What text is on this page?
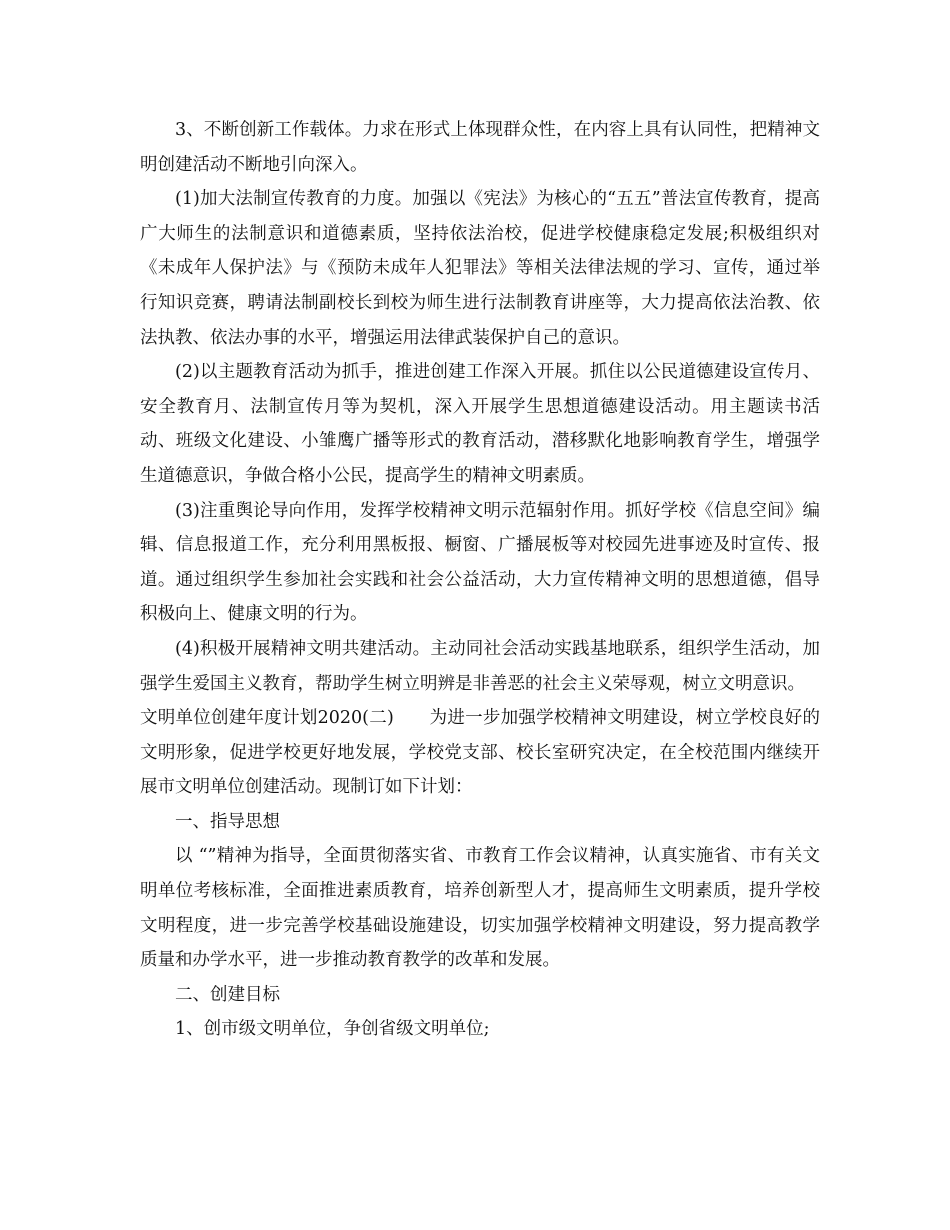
3、不断创新工作载体。力求在形式上体现群众性，在内容上具有认同性，把精神文明创建活动不断地引向深入。

(1)加大法制宣传教育的力度。加强以《宪法》为核心的“五五”普法宣传教育，提高广大师生的法制意识和道德素质，坚持依法治校，促进学校健康稳定发展;积极组织对《未成年人保护法》与《预防未成年人犯罪法》等相关法律法规的学习、宣传，通过举行知识竞赛，聘请法制副校长到校为师生进行法制教育讲座等，大力提高依法治教、依法执教、依法办事的水平，增强运用法律武装保护自己的意识。

(2)以主题教育活动为抓手，推进创建工作深入开展。抓住以公民道德建设宣传月、安全教育月、法制宣传月等为契机，深入开展学生思想道德建设活动。用主题读书活动、班级文化建设、小雏鹰广播等形式的教育活动，潜移默化地影响教育学生，增强学生道德意识，争做合格小公民，提高学生的精神文明素质。

(3)注重舆论导向作用，发挥学校精神文明示范辐射作用。抓好学校《信息空间》编辑、信息报道工作，充分利用黑板报、橱窗、广播展板等对校园先进事迹及时宣传、报道。通过组织学生参加社会实践和社会公益活动，大力宣传精神文明的思想道德，倡导积极向上、健康文明的行为。

(4)积极开展精神文明共建活动。主动同社会活动实践基地联系，组织学生活动，加强学生爱国主义教育，帮助学生树立明辨是非善恶的社会主义荣辱观，树立文明意识。

文明单位创建年度计划2020(二)　　为进一步加强学校精神文明建设，树立学校良好的文明形象，促进学校更好地发展，学校党支部、校长室研究决定，在全校范围内继续开展市文明单位创建活动。现制订如下计划：

一、指导思想

以 “”精神为指导，全面贯彻落实省、市教育工作会议精神，认真实施省、市有关文明单位考核标准，全面推进素质教育，培养创新型人才，提高师生文明素质，提升学校文明程度，进一步完善学校基础设施建设，切实加强学校精神文明建设，努力提高教学质量和办学水平，进一步推动教育教学的改革和发展。

二、创建目标

1、创市级文明单位，争创省级文明单位;
